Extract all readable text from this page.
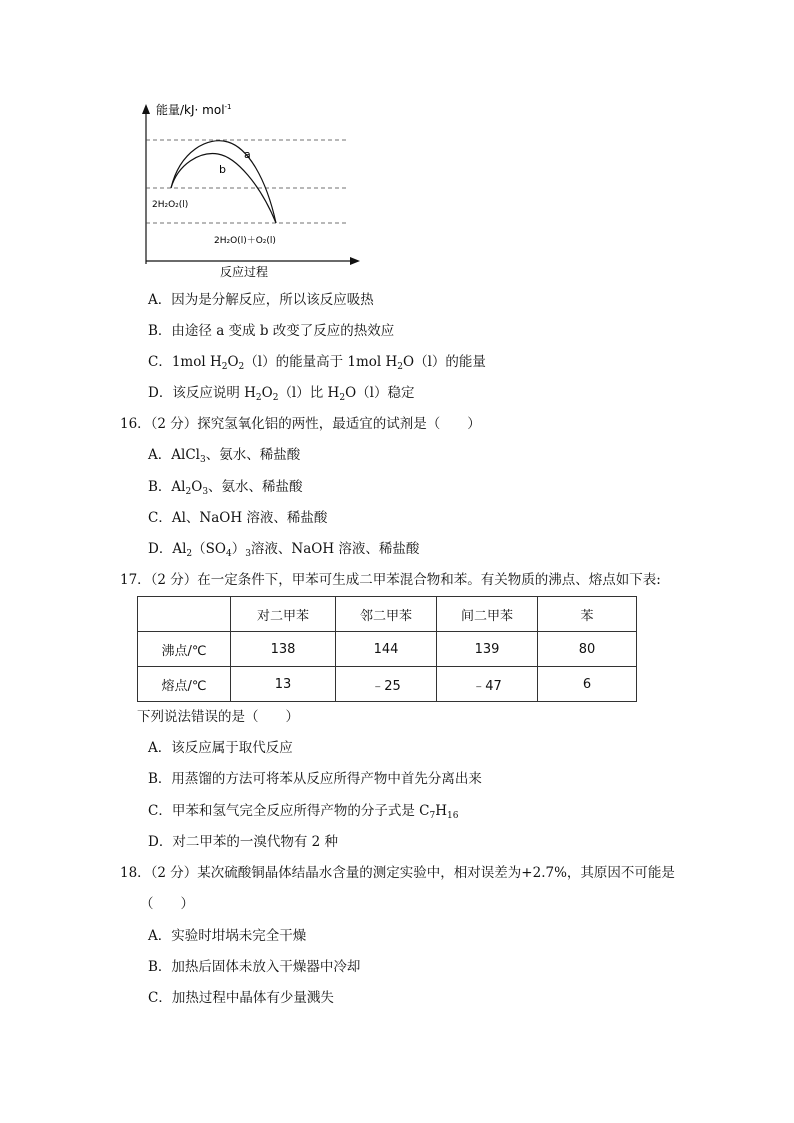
a
b
能量/kJ· mol$^{-1}$
2H₂O₂(l)
2H₂O(l)＋O₂(l)
反应过程
A．因为是分解反应，所以该反应吸热
B．由途径 a 变成 b 改变了反应的热效应
C．1mol $H_2O_2(l)$的能量高于 1mol $H_2O(l)$的能量
D．该反应说明 $H_2O_2(l)$比 $H_2O(l)$稳定
16．（2 分）探究氢氧化铝的两性，最适宜的试剂是（　　）
A．AlCl$_3$、氨水、稀盐酸
B．$Al_2O_3$、氨水、稀盐酸
C．Al、NaOH 溶液、稀盐酸
D．$Al_2(SO_4)_3$溶液、NaOH 溶液、稀盐酸
17．（2 分）在一定条件下，甲苯可生成二甲苯混合物和苯。有关物质的沸点、熔点如下表:
	对二甲苯	邻二甲苯	间二甲苯	苯
沸点/℃	138	144	139	80
熔点/℃	13	﹣25	﹣47	6
下列说法错误的是（　　）
A．该反应属于取代反应
B．用蒸馏的方法可将苯从反应所得产物中首先分离出来
C．甲苯和氢气完全反应所得产物的分子式是 $C_7H_{16}$
D．对二甲苯的一溴代物有 2 种
18．（2 分）某次硫酸铜晶体结晶水含量的测定实验中，相对误差为+2.7%，其原因不可能是
（　　）
A．实验时坩埚未完全干燥
B．加热后固体未放入干燥器中冷却
C．加热过程中晶体有少量溅失
